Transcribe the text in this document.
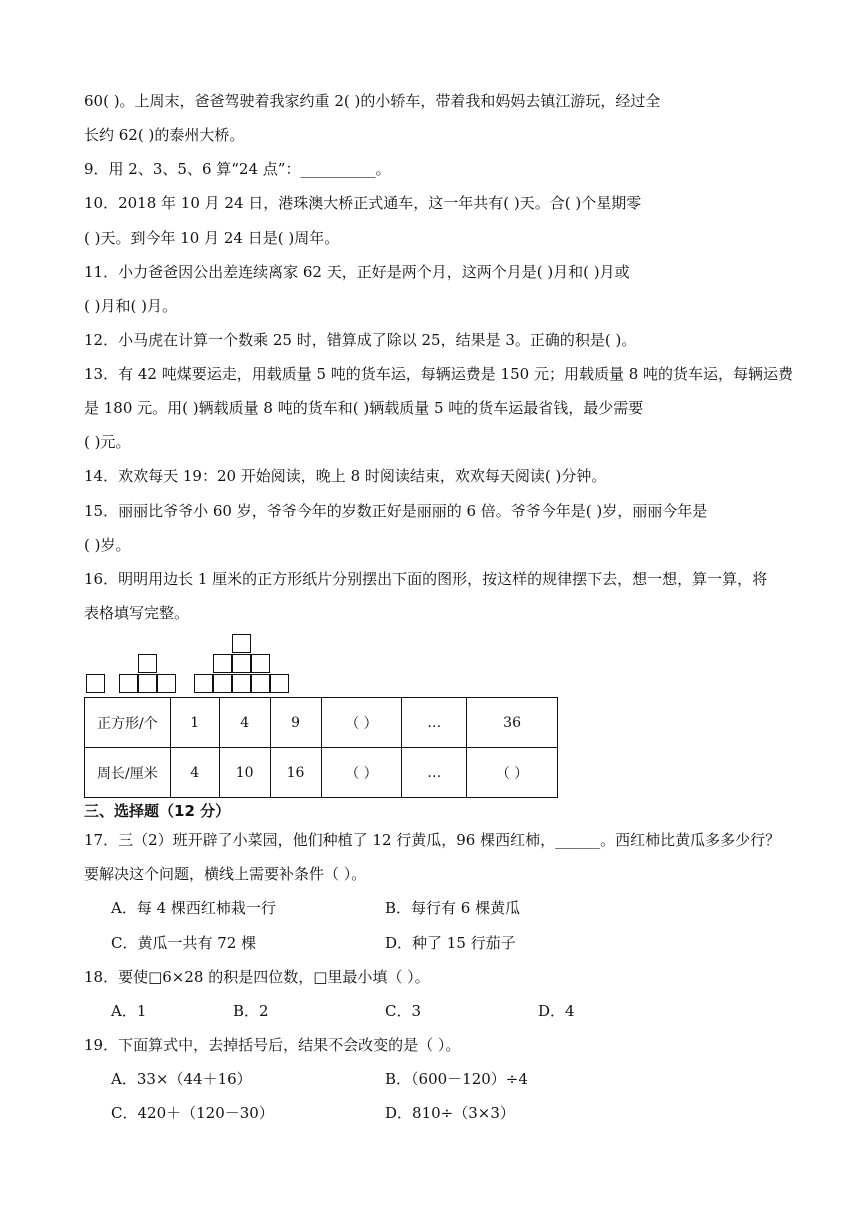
60( )。上周末，爸爸驾驶着我家约重 2( )的小轿车，带着我和妈妈去镇江游玩，经过全
长约 62( )的泰州大桥。
9．用 2、3、5、6 算“24 点”：__________。
10．2018 年 10 月 24 日，港珠澳大桥正式通车，这一年共有( )天。合( )个星期零
( )天。到今年 10 月 24 日是( )周年。
11．小力爸爸因公出差连续离家 62 天，正好是两个月，这两个月是( )月和( )月或
( )月和( )月。
12．小马虎在计算一个数乘 25 时，错算成了除以 25，结果是 3。正确的积是( )。
13．有 42 吨煤要运走，用载质量 5 吨的货车运，每辆运费是 150 元；用载质量 8 吨的货车运，每辆运费
是 180 元。用( )辆载质量 8 吨的货车和( )辆载质量 5 吨的货车运最省钱，最少需要
( )元。
14．欢欢每天 19：20 开始阅读，晚上 8 时阅读结束，欢欢每天阅读( )分钟。
15．丽丽比爷爷小 60 岁，爷爷今年的岁数正好是丽丽的 6 倍。爷爷今年是( )岁，丽丽今年是
( )岁。
16．明明用边长 1 厘米的正方形纸片分别摆出下面的图形，按这样的规律摆下去，想一想，算一算，将
表格填写完整。
正方形/个	1	4	9	（ ）	…	36
周长/厘米	4	10	16	（ ）	…	（ ）
三、选择题（12 分）
17．三（2）班开辟了小菜园，他们种植了 12 行黄瓜，96 棵西红柿，______。西红柿比黄瓜多多少行？
要解决这个问题，横线上需要补条件（ ）。
A．每 4 棵西红柿栽一行	B．每行有 6 棵黄瓜
C．黄瓜一共有 72 棵	D．种了 15 行茄子
18．要使□6×28 的积是四位数，□里最小填（ ）。
A．1	B．2	C．3	D．4
19．下面算式中，去掉括号后，结果不会改变的是（ ）。
A．33×（44＋16）	B．（600－120）÷4
C．420＋（120－30）	D．810÷（3×3）
